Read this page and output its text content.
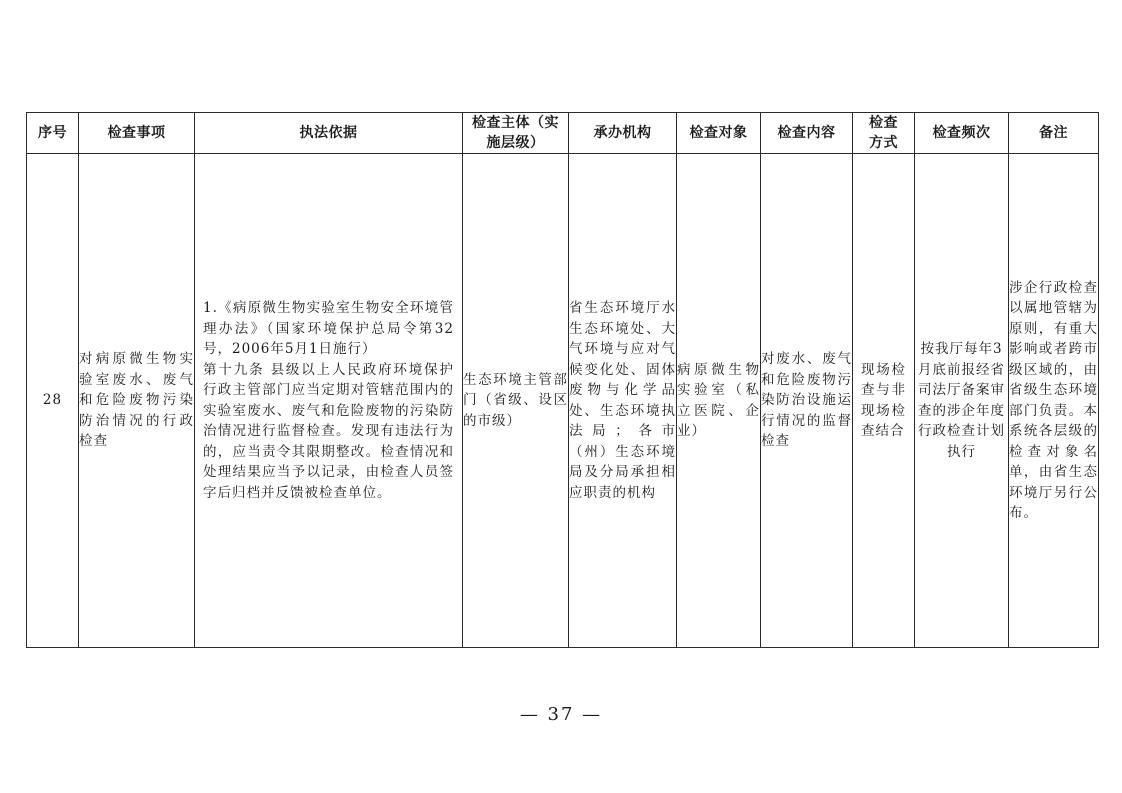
序号	检查事项	执法依据	检查主体（实施层级）	承办机构	检查对象	检查内容	检查方式	检查频次	备注
28	对病原微生物实验室废水、废气和危险废物污染防治情况的行政检查	1.《病原微生物实验室生物安全环境管理办法》（国家环境保护总局令第32号，2006年5月1日施行）
第十九条 县级以上人民政府环境保护行政主管部门应当定期对管辖范围内的实验室废水、废气和危险废物的污染防治情况进行监督检查。发现有违法行为的，应当责令其限期整改。检查情况和处理结果应当予以记录，由检查人员签字后归档并反馈被检查单位。	生态环境主管部门（省级、设区的市级）	省生态环境厅水生态环境处、大气环境与应对气候变化处、固体废物与化学品处、生态环境执法局；各市（州）生态环境局及分局承担相应职责的机构	病原微生物实验室（私立医院、企业）	对废水、废气和危险废物污染防治设施运行情况的监督检查	现场检查与非现场检查结合	按我厅每年3月底前报经省司法厅备案审查的涉企年度行政检查计划执行	涉企行政检查以属地管辖为原则，有重大影响或者跨市级区域的，由省级生态环境部门负责。本系统各层级的检查对象名单，由省生态环境厅另行公布。
— 37 —
